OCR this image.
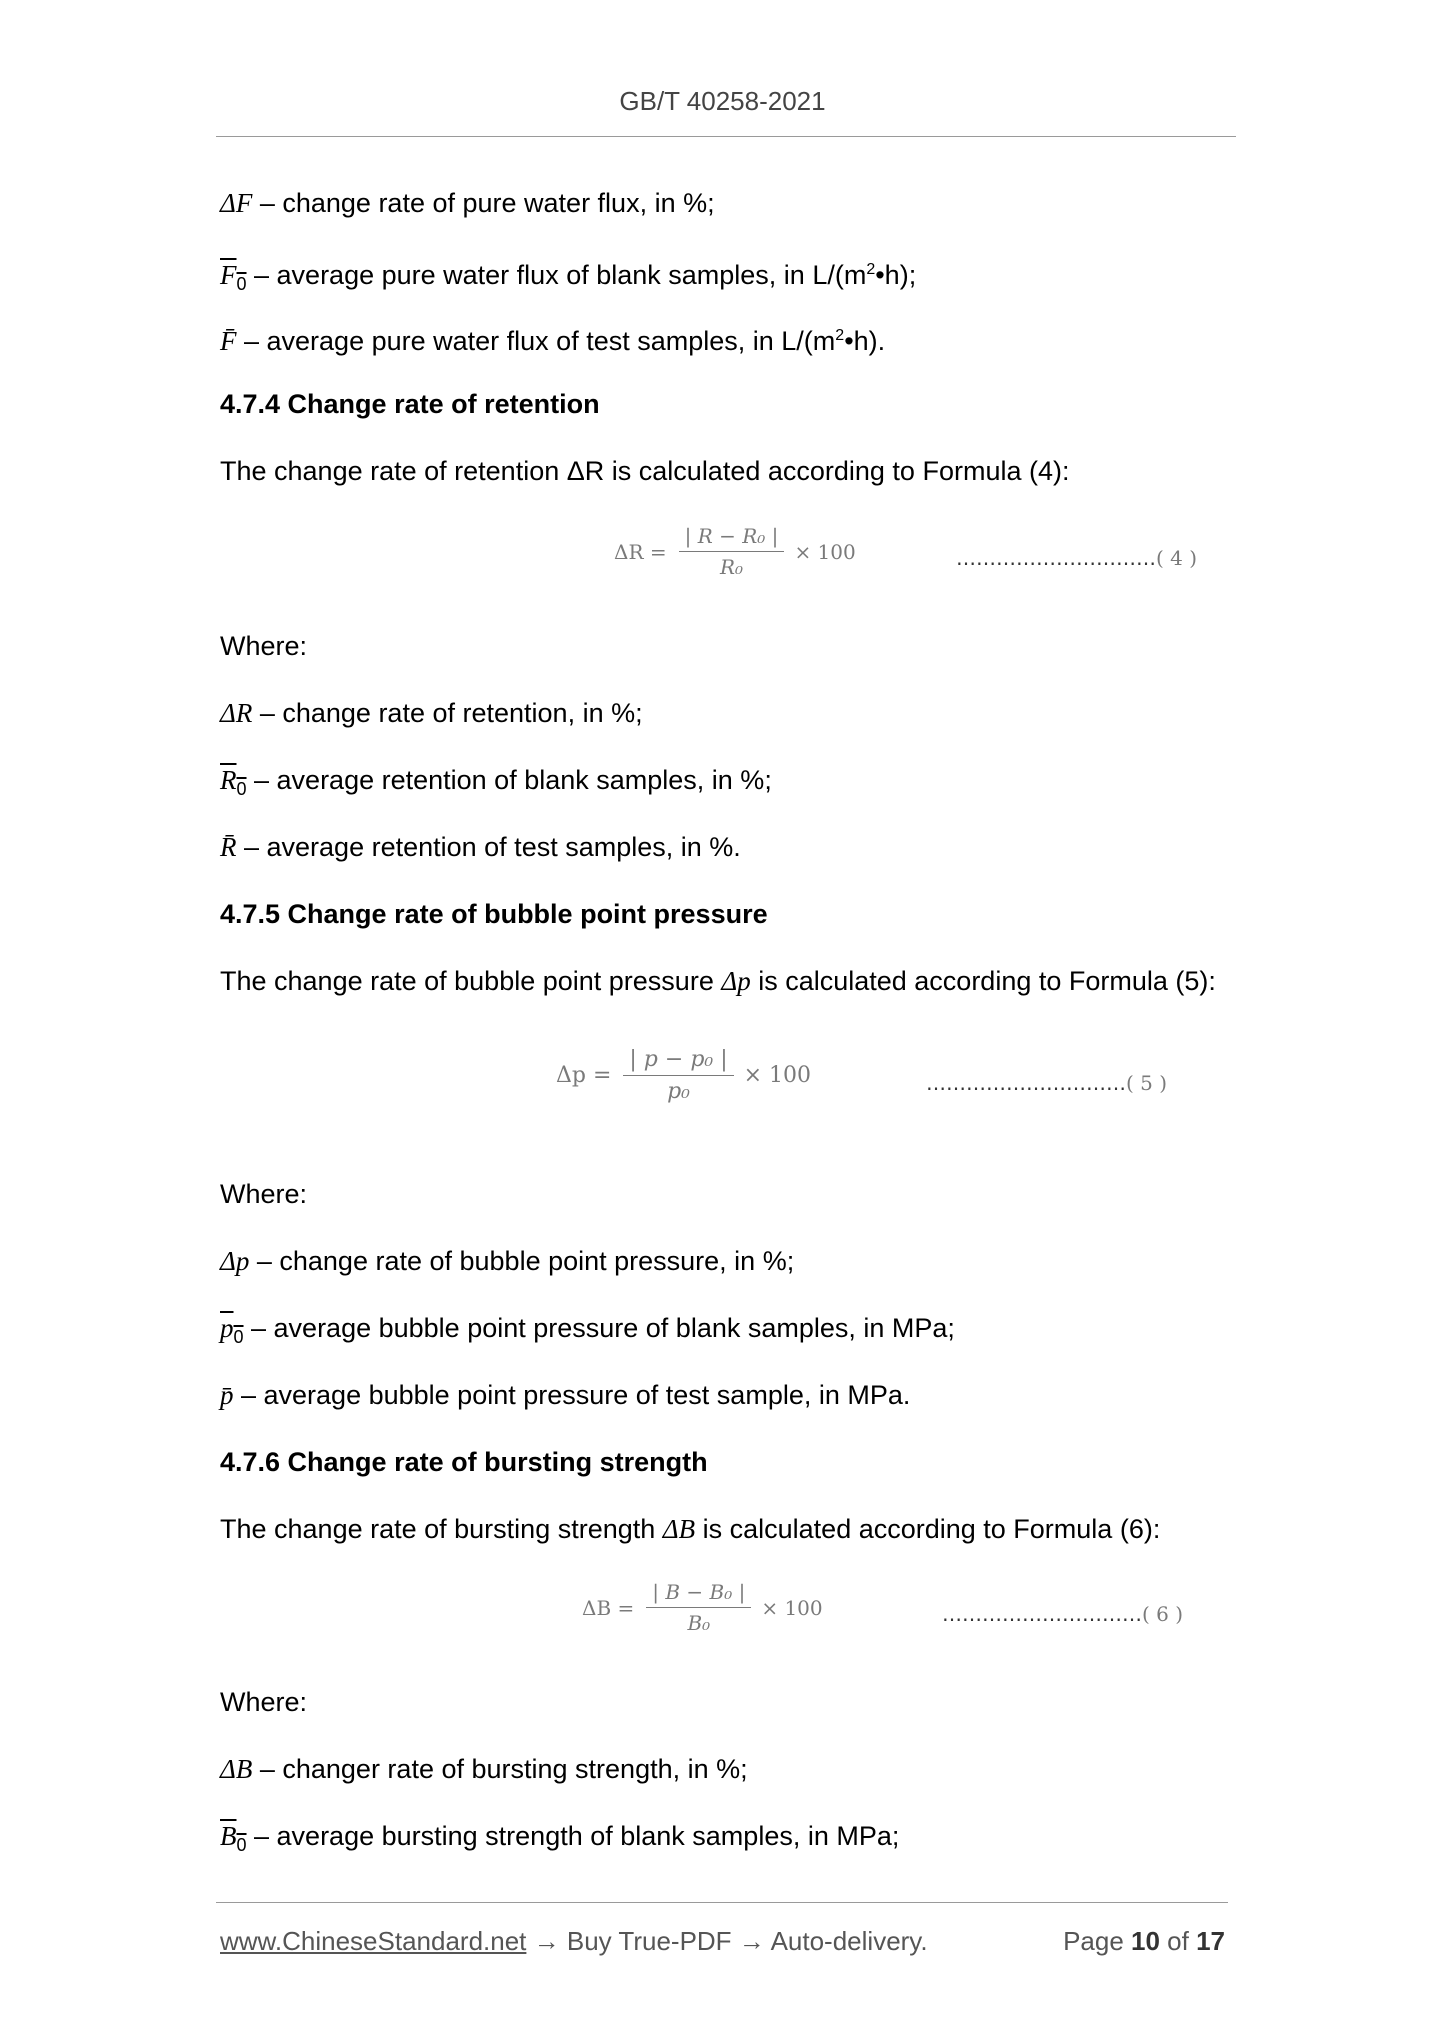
GB/T 40258-2021
ΔF – change rate of pure water flux, in %;
$F_0$ – average pure water flux of blank samples, in $L/(m^2•h)$;
F̄ – average pure water flux of test samples, in $L/(m^2•h)$.
4.7.4 Change rate of retention
The change rate of retention ΔR is calculated according to Formula (4):
$\Delta R = \frac{\text{| R − R₀ |}}{\text{R₀}} \times 100$	…………………………( 4 )
Where:
ΔR – change rate of retention, in %;
$R_0$ – average retention of blank samples, in %;
R̄ – average retention of test samples, in %.
4.7.5 Change rate of bubble point pressure
The change rate of bubble point pressure Δp is calculated according to Formula (5):
$\Delta p = \frac{\text{| p − p₀ |}}{\text{p₀}} \times 100$	…………………………( 5 )
Where:
Δp – change rate of bubble point pressure, in %;
$p_0$ – average bubble point pressure of blank samples, in MPa;
p̄ – average bubble point pressure of test sample, in MPa.
4.7.6 Change rate of bursting strength
The change rate of bursting strength ΔB is calculated according to Formula (6):
$\Delta B = \frac{\text{| B − B₀ |}}{\text{B₀}} \times 100$	…………………………( 6 )
Where:
ΔB – changer rate of bursting strength, in %;
$B_0$ – average bursting strength of blank samples, in MPa;
www.ChineseStandard.net → Buy True-PDF → Auto-delivery.	Page 10 of 17
